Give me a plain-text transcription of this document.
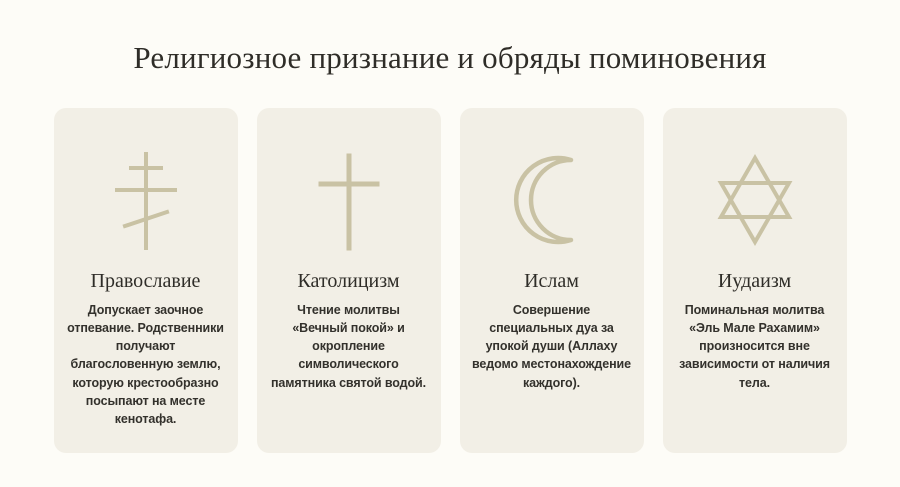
Религиозное признание и обряды поминовения
Православие
Допускает заочное отпевание. Родственники получают благословенную землю, которую крестообразно посыпают на месте кенотафа.
Католицизм
Чтение молитвы «Вечный покой» и окропление символического памятника святой водой.
Ислам
Совершение специальных дуа за упокой души (Аллаху ведомо местонахождение каждого).
Иудаизм
Поминальная молитва «Эль Мале Рахамим» произносится вне зависимости от наличия тела.
